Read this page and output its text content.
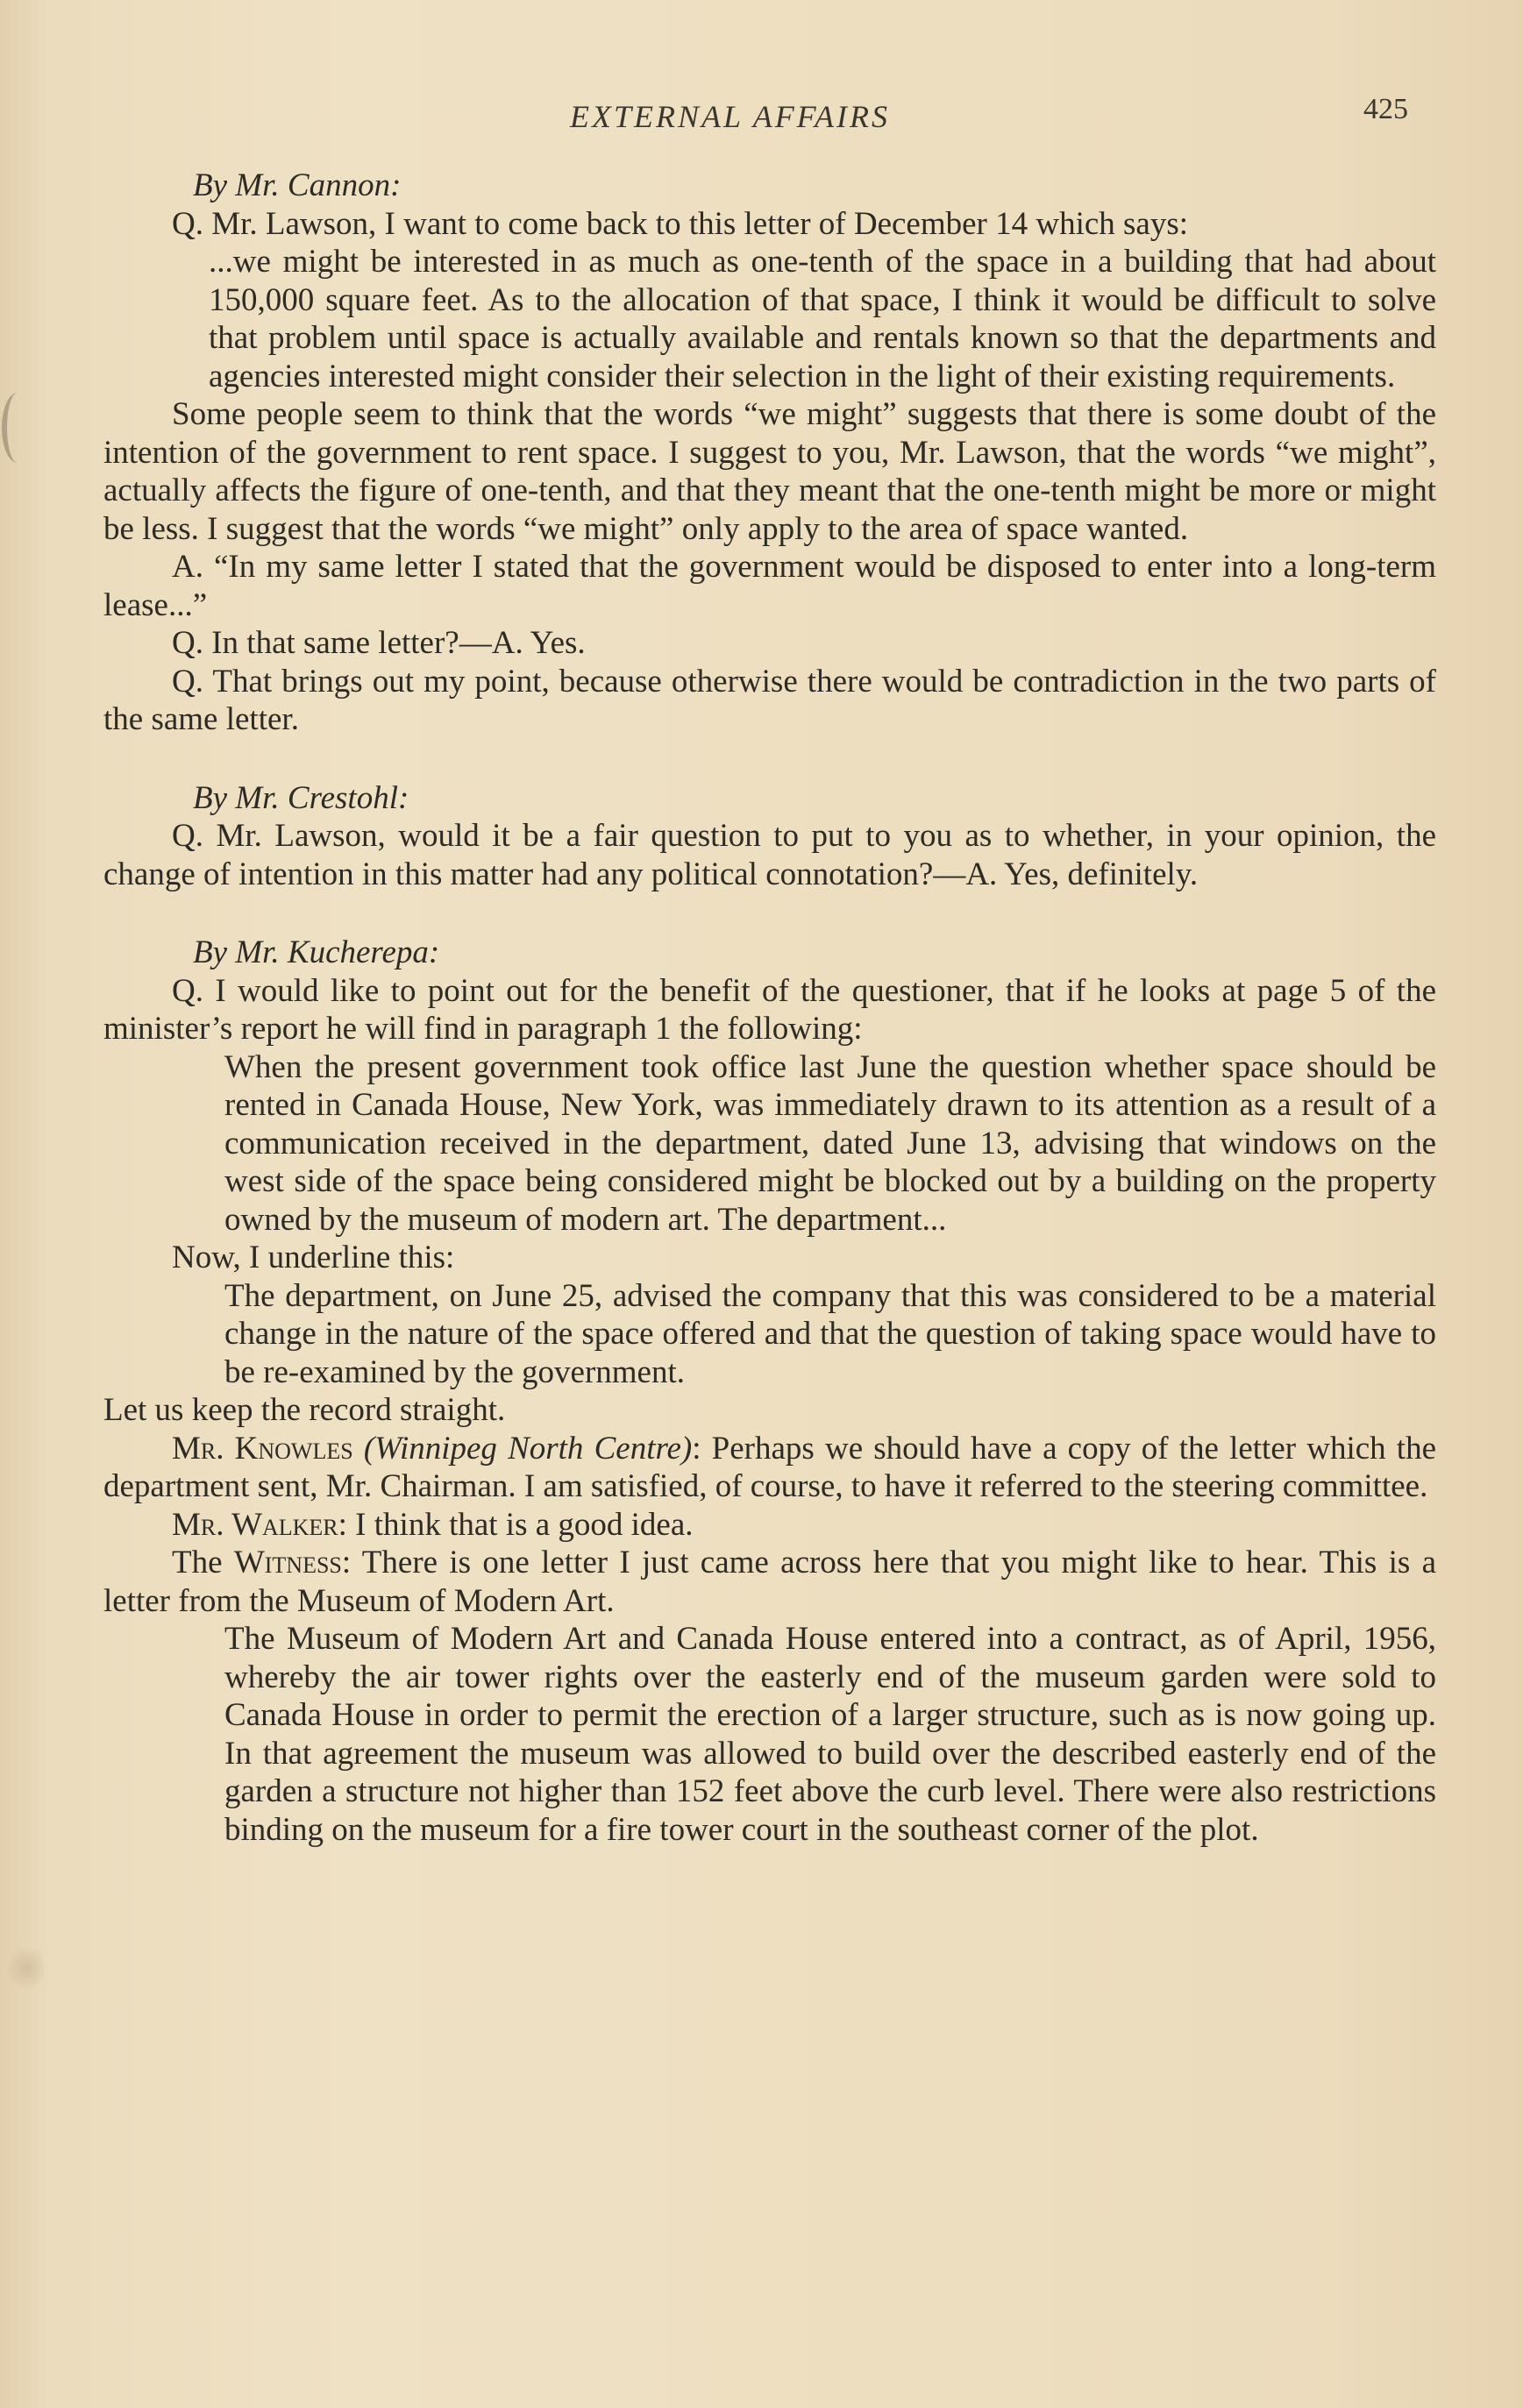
EXTERNAL AFFAIRS	425

By Mr. Cannon:

Q. Mr. Lawson, I want to come back to this letter of December 14 which says:

...we might be interested in as much as one-tenth of the space in a building that had about 150,000 square feet. As to the allocation of that space, I think it would be difficult to solve that problem until space is actually available and rentals known so that the departments and agencies interested might consider their selection in the light of their existing requirements.

Some people seem to think that the words “we might” suggests that there is some doubt of the intention of the government to rent space. I suggest to you, Mr. Lawson, that the words “we might”, actually affects the figure of one-tenth, and that they meant that the one-tenth might be more or might be less. I suggest that the words “we might” only apply to the area of space wanted.

A. “In my same letter I stated that the government would be disposed to enter into a long-term lease...”

Q. In that same letter?—A. Yes.

Q. That brings out my point, because otherwise there would be contradiction in the two parts of the same letter.

By Mr. Crestohl:

Q. Mr. Lawson, would it be a fair question to put to you as to whether, in your opinion, the change of intention in this matter had any political connotation?—A. Yes, definitely.

By Mr. Kucherepa:

Q. I would like to point out for the benefit of the questioner, that if he looks at page 5 of the minister’s report he will find in paragraph 1 the following:

When the present government took office last June the question whether space should be rented in Canada House, New York, was immediately drawn to its attention as a result of a communication received in the department, dated June 13, advising that windows on the west side of the space being considered might be blocked out by a building on the property owned by the museum of modern art. The department...

Now, I underline this:

The department, on June 25, advised the company that this was considered to be a material change in the nature of the space offered and that the question of taking space would have to be re-examined by the government.

Let us keep the record straight.

Mr. Knowles (Winnipeg North Centre): Perhaps we should have a copy of the letter which the department sent, Mr. Chairman. I am satisfied, of course, to have it referred to the steering committee.

Mr. Walker: I think that is a good idea.

The Witness: There is one letter I just came across here that you might like to hear. This is a letter from the Museum of Modern Art.

The Museum of Modern Art and Canada House entered into a contract, as of April, 1956, whereby the air tower rights over the easterly end of the museum garden were sold to Canada House in order to permit the erection of a larger structure, such as is now going up. In that agreement the museum was allowed to build over the described easterly end of the garden a structure not higher than 152 feet above the curb level. There were also restrictions binding on the museum for a fire tower court in the southeast corner of the plot.
